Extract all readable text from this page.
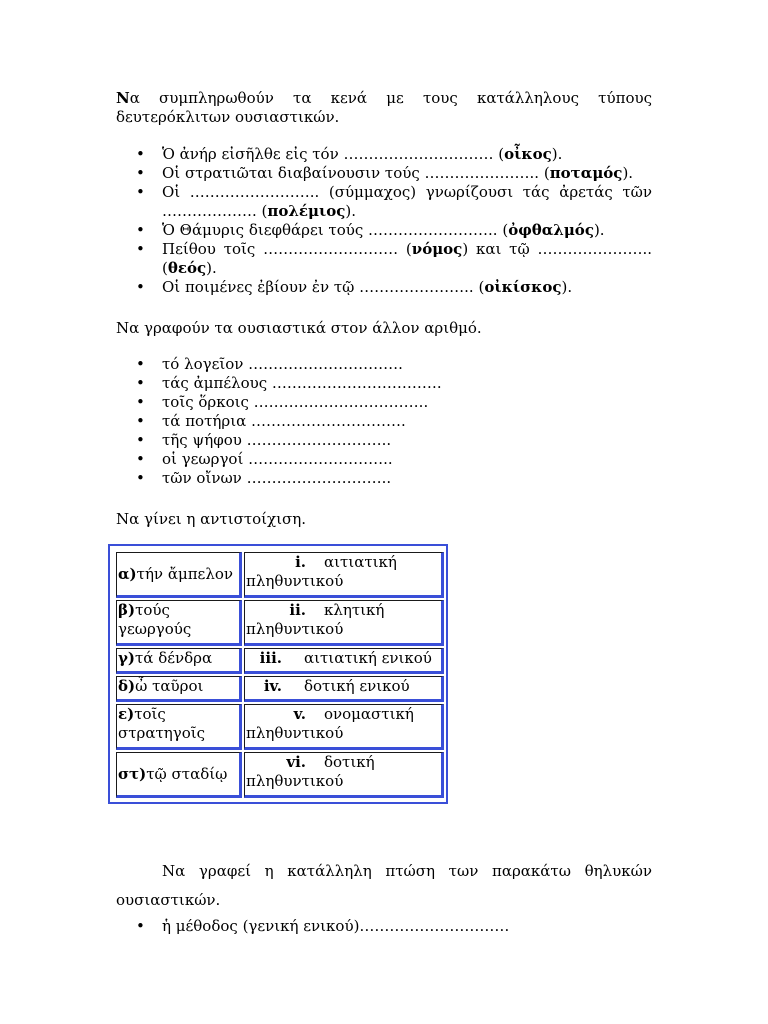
Να συμπληρωθούν τα κενά με τους κατάλληλους τύπους δευτερόκλιτων ουσιαστικών.

• Ὁ ἀνήρ εἰσῆλθε εἰς τόν ………………………… (οἶκος).
• Οἱ στρατιῶται διαβαίνουσιν τούς ………………….. (ποταμός).
• Οἱ …………………….. (σύμμαχος) γνωρίζουσι τάς ἀρετάς τῶν ………………. (πολέμιος).
• Ὁ Θάμυρις διεφθάρει τούς …………………….. (ὀφθαλμός).
• Πείθου τοῖς ……………………… (νόμος) και τῷ ………………….. (θεός).
• Οἱ ποιμένες ἐβίουν ἐν τῷ ………………….. (οἰκίσκος).

Να γραφούν τα ουσιαστικά στον άλλον αριθμό.

• τό λογεῖον ………………………….
• τάς ἀμπέλους …………………………….
• τοῖς ὅρκοις ……………………………..
• τά ποτήρια ………………………….
• τῆς ψήφου ………………………..
• οἱ γεωργοί ………………………..
• τῶν οἴνων ………………………..

Να γίνει η αντιστοίχιση.

α)τήν ἄμπελον
i. αιτιατική
πληθυντικού
β)τούς γεωργούς
ii. κλητική
πληθυντικού
γ)τά δένδρα	iii. αιτιατική ενικού
δ)ὦ ταῦροι	iv. δοτική ενικού
ε)τοῖς στρατηγοῖς
v. ονομαστική
πληθυντικού
στ)τῷ σταδίῳ
vi. δοτική
πληθυντικού

Να γραφεί η κατάλληλη πτώση των παρακάτω θηλυκών ουσιαστικών.

• ἡ μέθοδος (γενική ενικού)…………………………
